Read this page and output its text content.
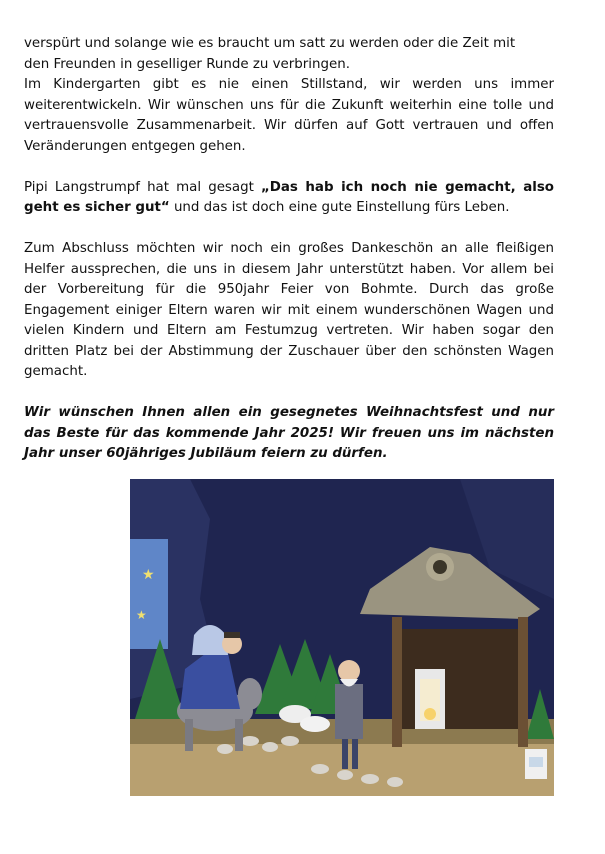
verspürt und solange wie es braucht um satt zu werden oder die Zeit mit
den Freunden in geselliger Runde zu verbringen.

Im Kindergarten gibt es nie einen Stillstand, wir werden uns immer weiterentwickeln. Wir wünschen uns für die Zukunft weiterhin eine tolle und vertrauensvolle Zusammenarbeit. Wir dürfen auf Gott vertrauen und offen Veränderungen entgegen gehen.

Pipi Langstrumpf hat mal gesagt „Das hab ich noch nie gemacht, also geht es sicher gut“ und das ist doch eine gute Einstellung fürs Leben.

Zum Abschluss möchten wir noch ein großes Dankeschön an alle fleißigen Helfer aussprechen, die uns in diesem Jahr unterstützt haben. Vor allem bei der Vorbereitung für die 950jahr Feier von Bohmte. Durch das große Engagement einiger Eltern waren wir mit einem wunderschönen Wagen und vielen Kindern und Eltern am Festumzug vertreten. Wir haben sogar den dritten Platz bei der Abstimmung der Zuschauer über den schönsten Wagen gemacht.

Wir wünschen Ihnen allen ein gesegnetes Weihnachtsfest und nur das Beste für das kommende Jahr 2025! Wir freuen uns im nächsten Jahr unser 60jähriges Jubiläum feiern zu dürfen.

★
★
